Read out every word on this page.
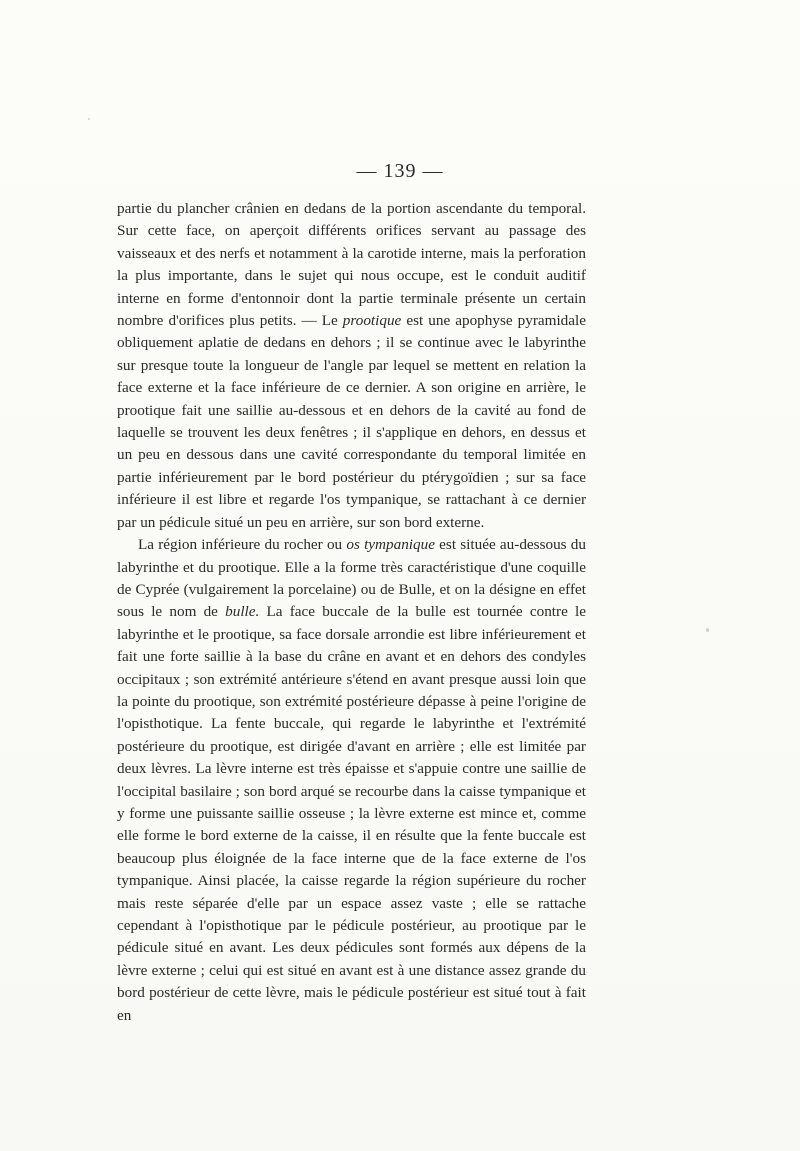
— 139 —

partie du plancher crânien en dedans de la portion ascendante du temporal. Sur cette face, on aperçoit différents orifices servant au passage des vaisseaux et des nerfs et notamment à la carotide interne, mais la perforation la plus importante, dans le sujet qui nous occupe, est le conduit auditif interne en forme d'entonnoir dont la partie terminale présente un certain nombre d'orifices plus petits. — Le prootique est une apophyse pyramidale obliquement aplatie de dedans en dehors ; il se continue avec le labyrinthe sur presque toute la longueur de l'angle par lequel se mettent en relation la face externe et la face inférieure de ce dernier. A son origine en arrière, le prootique fait une saillie au-dessous et en dehors de la cavité au fond de laquelle se trouvent les deux fenêtres ; il s'applique en dehors, en dessus et un peu en dessous dans une cavité correspondante du temporal limitée en partie inférieurement par le bord postérieur du ptérygoïdien ; sur sa face inférieure il est libre et regarde l'os tympanique, se rattachant à ce dernier par un pédicule situé un peu en arrière, sur son bord externe.

La région inférieure du rocher ou os tympanique est située au-dessous du labyrinthe et du prootique. Elle a la forme très caractéristique d'une coquille de Cyprée (vulgairement la porcelaine) ou de Bulle, et on la désigne en effet sous le nom de bulle. La face buccale de la bulle est tournée contre le labyrinthe et le prootique, sa face dorsale arrondie est libre inférieurement et fait une forte saillie à la base du crâne en avant et en dehors des condyles occipitaux ; son extrémité antérieure s'étend en avant presque aussi loin que la pointe du prootique, son extrémité postérieure dépasse à peine l'origine de l'opisthotique. La fente buccale, qui regarde le labyrinthe et l'extrémité postérieure du prootique, est dirigée d'avant en arrière ; elle est limitée par deux lèvres. La lèvre interne est très épaisse et s'appuie contre une saillie de l'occipital basilaire ; son bord arqué se recourbe dans la caisse tympanique et y forme une puissante saillie osseuse ; la lèvre externe est mince et, comme elle forme le bord externe de la caisse, il en résulte que la fente buccale est beaucoup plus éloignée de la face interne que de la face externe de l'os tympanique. Ainsi placée, la caisse regarde la région supérieure du rocher mais reste séparée d'elle par un espace assez vaste ; elle se rattache cependant à l'opisthotique par le pédicule postérieur, au prootique par le pédicule situé en avant. Les deux pédicules sont formés aux dépens de la lèvre externe ; celui qui est situé en avant est à une distance assez grande du bord postérieur de cette lèvre, mais le pédicule postérieur est situé tout à fait en
